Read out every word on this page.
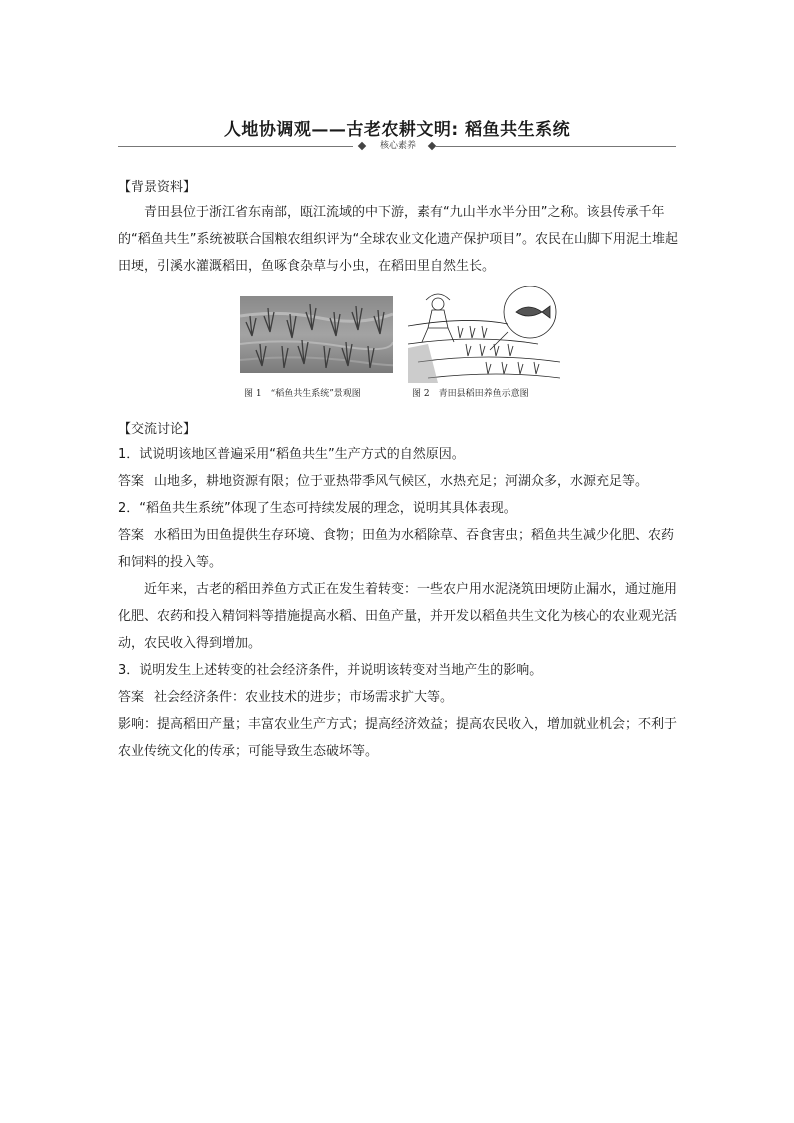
人地协调观——古老农耕文明: 稻鱼共生系统
核心素养

【背景资料】

青田县位于浙江省东南部，瓯江流域的中下游，素有“九山半水半分田”之称。该县传承千年的“稻鱼共生”系统被联合国粮农组织评为“全球农业文化遗产保护项目”。农民在山脚下用泥土堆起田埂，引溪水灌溉稻田，鱼啄食杂草与小虫，在稻田里自然生长。

图 1　“稻鱼共生系统”景观图	图 2　青田县稻田养鱼示意图

【交流讨论】

1．试说明该地区普遍采用“稻鱼共生”生产方式的自然原因。

答案 山地多，耕地资源有限；位于亚热带季风气候区，水热充足；河湖众多，水源充足等。

2．“稻鱼共生系统”体现了生态可持续发展的理念，说明其具体表现。

答案 水稻田为田鱼提供生存环境、食物；田鱼为水稻除草、吞食害虫；稻鱼共生减少化肥、农药和饲料的投入等。

近年来，古老的稻田养鱼方式正在发生着转变：一些农户用水泥浇筑田埂防止漏水，通过施用化肥、农药和投入精饲料等措施提高水稻、田鱼产量，并开发以稻鱼共生文化为核心的农业观光活动，农民收入得到增加。

3．说明发生上述转变的社会经济条件，并说明该转变对当地产生的影响。

答案 社会经济条件：农业技术的进步；市场需求扩大等。

影响：提高稻田产量；丰富农业生产方式；提高经济效益；提高农民收入，增加就业机会；不利于农业传统文化的传承；可能导致生态破坏等。
